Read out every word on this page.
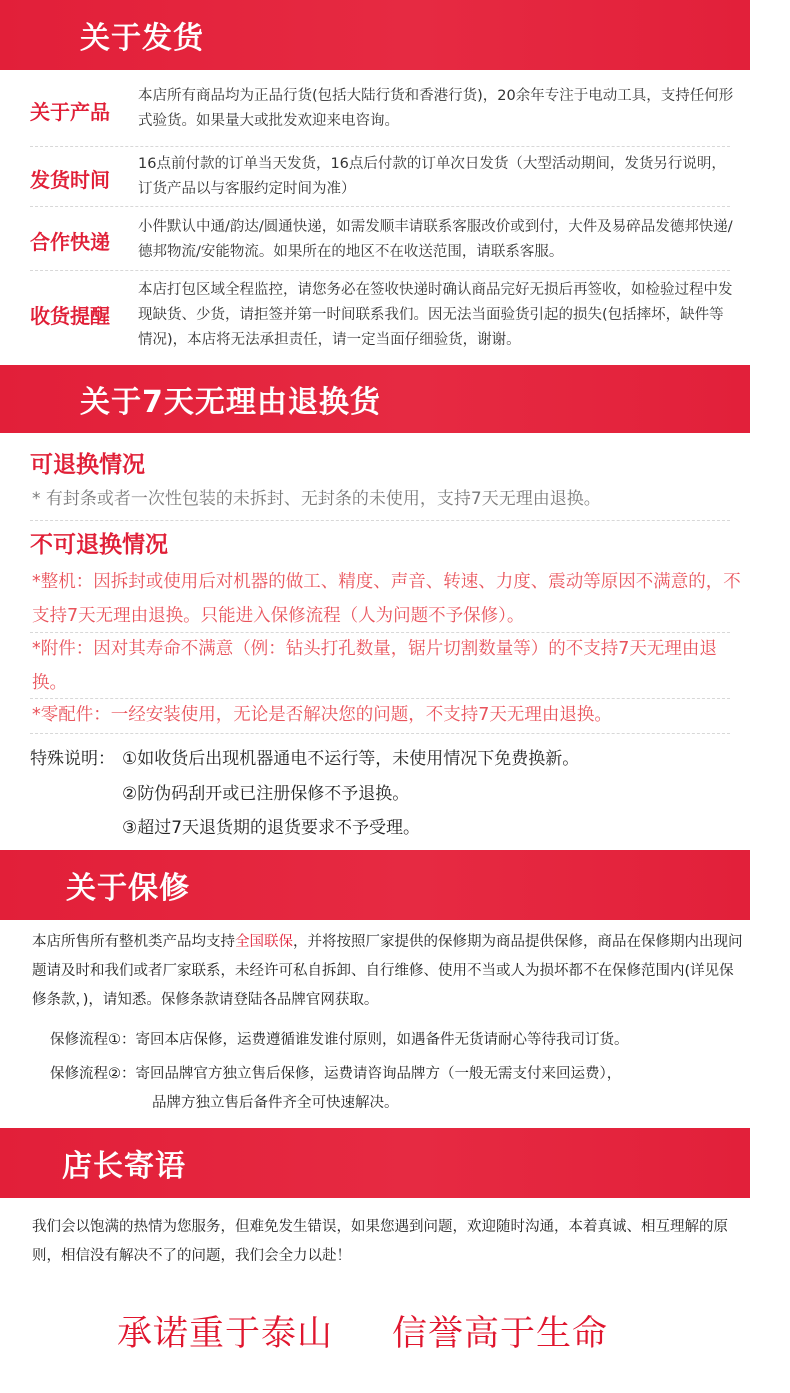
关于发货
关于产品
本店所有商品均为正品行货(包括大陆行货和香港行货)，20余年专注于电动工具，支持任何形式验货。如果量大或批发欢迎来电咨询。
发货时间
16点前付款的订单当天发货，16点后付款的订单次日发货（大型活动期间，发货另行说明，订货产品以与客服约定时间为准）
合作快递
小件默认中通/韵达/圆通快递，如需发顺丰请联系客服改价或到付，大件及易碎品发德邦快递/德邦物流/安能物流。如果所在的地区不在收送范围，请联系客服。
收货提醒
本店打包区域全程监控，请您务必在签收快递时确认商品完好无损后再签收，如检验过程中发现缺货、少货，请拒签并第一时间联系我们。因无法当面验货引起的损失(包括摔坏，缺件等情况)，本店将无法承担责任，请一定当面仔细验货，谢谢。
关于7天无理由退换货
可退换情况
* 有封条或者一次性包装的未拆封、无封条的未使用，支持7天无理由退换。
不可退换情况
*整机：因拆封或使用后对机器的做工、精度、声音、转速、力度、震动等原因不满意的，不支持7天无理由退换。只能进入保修流程（人为问题不予保修）。
*附件：因对其寿命不满意（例：钻头打孔数量，锯片切割数量等）的不支持7天无理由退换。
*零配件：一经安装使用，无论是否解决您的问题，不支持7天无理由退换。
特殊说明： ①如收货后出现机器通电不运行等，未使用情况下免费换新。
②防伪码刮开或已注册保修不予退换。
③超过7天退货期的退货要求不予受理。
关于保修
本店所售所有整机类产品均支持全国联保，并将按照厂家提供的保修期为商品提供保修，商品在保修期内出现问题请及时和我们或者厂家联系，未经许可私自拆卸、自行维修、使用不当或人为损坏都不在保修范围内(详见保修条款，)，请知悉。保修条款请登陆各品牌官网获取。
保修流程①：寄回本店保修，运费遵循谁发谁付原则，如遇备件无货请耐心等待我司订货。
保修流程②：寄回品牌官方独立售后保修，运费请咨询品牌方（一般无需支付来回运费），
品牌方独立售后备件齐全可快速解决。
店长寄语
我们会以饱满的热情为您服务，但难免发生错误，如果您遇到问题，欢迎随时沟通，本着真诚、相互理解的原则，相信没有解决不了的问题，我们会全力以赴！
承诺重于泰山 信誉高于生命
